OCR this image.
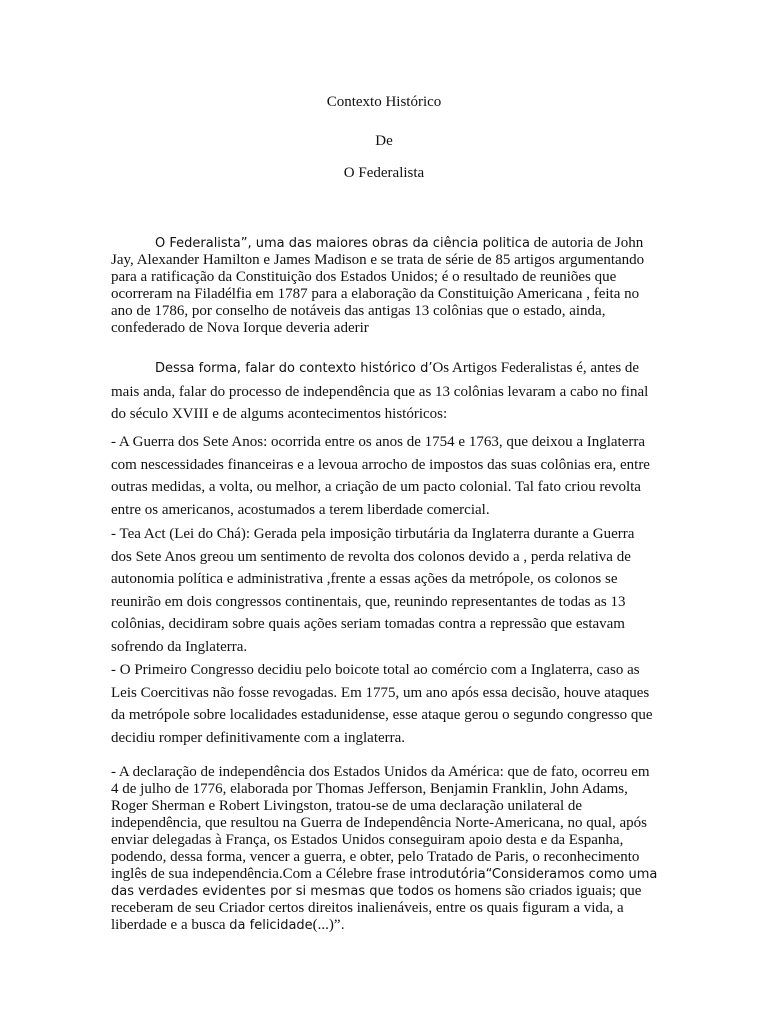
Contexto Histórico
De
O Federalista

O Federalista”, uma das maiores obras da ciência politica de autoria de John Jay, Alexander Hamilton e James Madison e se trata de série de 85 artigos argumentando para a ratificação da Constituição dos Estados Unidos; é o resultado de reuniões que ocorreram na Filadélfia em 1787 para a elaboração da Constituição Americana , feita no ano de 1786, por conselho de notáveis das antigas 13 colônias que o estado, ainda, confederado de Nova Iorque deveria aderir

Dessa forma, falar do contexto histórico d’Os Artigos Federalistas é, antes de mais anda, falar do processo de independência que as 13 colônias levaram a cabo no final do século XVIII e de algums acontecimentos históricos:

- A Guerra dos Sete Anos: ocorrida entre os anos de 1754 e 1763, que deixou a Inglaterra com nescessidades financeiras e a levoua arrocho de impostos das suas colônias era, entre outras medidas, a volta, ou melhor, a criação de um pacto colonial. Tal fato criou revolta entre os americanos, acostumados a terem liberdade comercial.

- Tea Act (Lei do Chá): Gerada pela imposição tirbutária da Inglaterra durante a Guerra dos Sete Anos greou um sentimento de revolta dos colonos devido a , perda relativa de autonomia política e administrativa ,frente a essas ações da metrópole, os colonos se reunirão em dois congressos continentais, que, reunindo representantes de todas as 13 colônias, decidiram sobre quais ações seriam tomadas contra a repressão que estavam sofrendo da Inglaterra.

- O Primeiro Congresso decidiu pelo boicote total ao comércio com a Inglaterra, caso as Leis Coercitivas não fosse revogadas. Em 1775, um ano após essa decisão, houve ataques da metrópole sobre localidades estadunidense, esse ataque gerou o segundo congresso que decidiu romper definitivamente com a inglaterra.

- A declaração de independência dos Estados Unidos da América: que de fato, ocorreu em 4 de julho de 1776, elaborada por Thomas Jefferson, Benjamin Franklin, John Adams, Roger Sherman e Robert Livingston, tratou-se de uma declaração unilateral de independência, que resultou na Guerra de Independência Norte-Americana, no qual, após enviar delegadas à França, os Estados Unidos conseguiram apoio desta e da Espanha, podendo, dessa forma, vencer a guerra, e obter, pelo Tratado de Paris, o reconhecimento inglês de sua independência.Com a Célebre frase introdutória“Consideramos como uma das verdades evidentes por si mesmas que todos os homens são criados iguais; que receberam de seu Criador certos direitos inalienáveis, entre os quais figuram a vida, a liberdade e a busca da felicidade(...)”.
